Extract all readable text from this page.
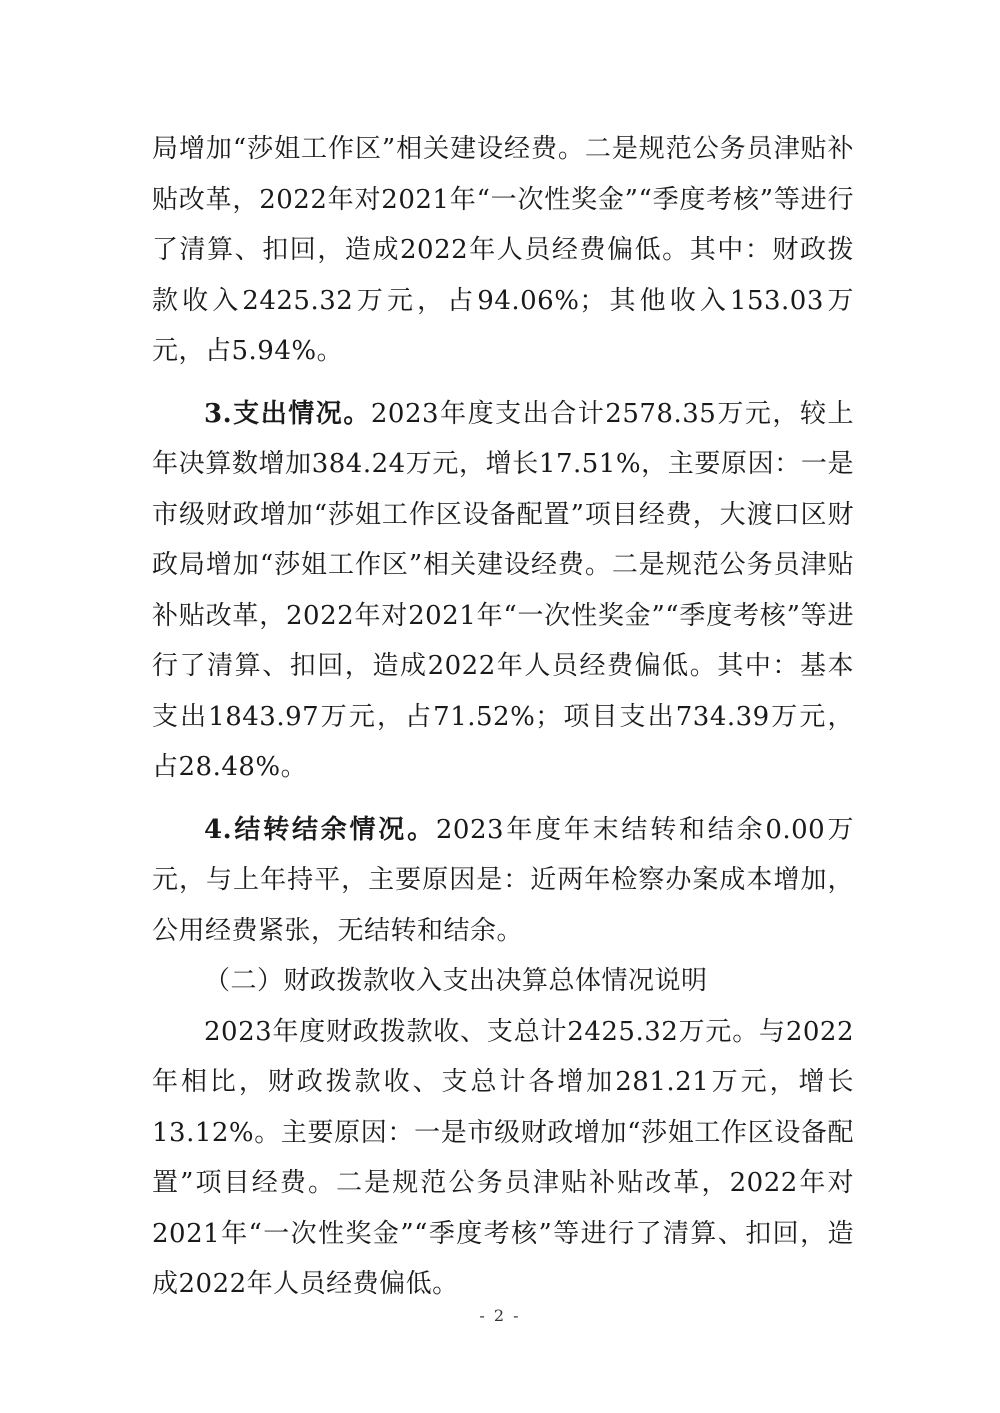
局增加“莎姐工作区”相关建设经费。二是规范公务员津贴补贴改革，2022年对2021年“一次性奖金”“季度考核”等进行了清算、扣回，造成2022年人员经费偏低。其中：财政拨款收入2425.32万元，占94.06%；其他收入153.03万元，占5.94%。

3.支出情况。2023年度支出合计2578.35万元，较上年决算数增加384.24万元，增长17.51%，主要原因：一是市级财政增加“莎姐工作区设备配置”项目经费，大渡口区财政局增加“莎姐工作区”相关建设经费。二是规范公务员津贴补贴改革，2022年对2021年“一次性奖金”“季度考核”等进行了清算、扣回，造成2022年人员经费偏低。其中：基本支出1843.97万元，占71.52%；项目支出734.39万元，占28.48%。

4.结转结余情况。2023年度年末结转和结余0.00万元，与上年持平，主要原因是：近两年检察办案成本增加，公用经费紧张，无结转和结余。

（二）财政拨款收入支出决算总体情况说明

2023年度财政拨款收、支总计2425.32万元。与2022年相比，财政拨款收、支总计各增加281.21万元，增长13.12%。主要原因：一是市级财政增加“莎姐工作区设备配置”项目经费。二是规范公务员津贴补贴改革，2022年对2021年“一次性奖金”“季度考核”等进行了清算、扣回，造成2022年人员经费偏低。

- 2 -
